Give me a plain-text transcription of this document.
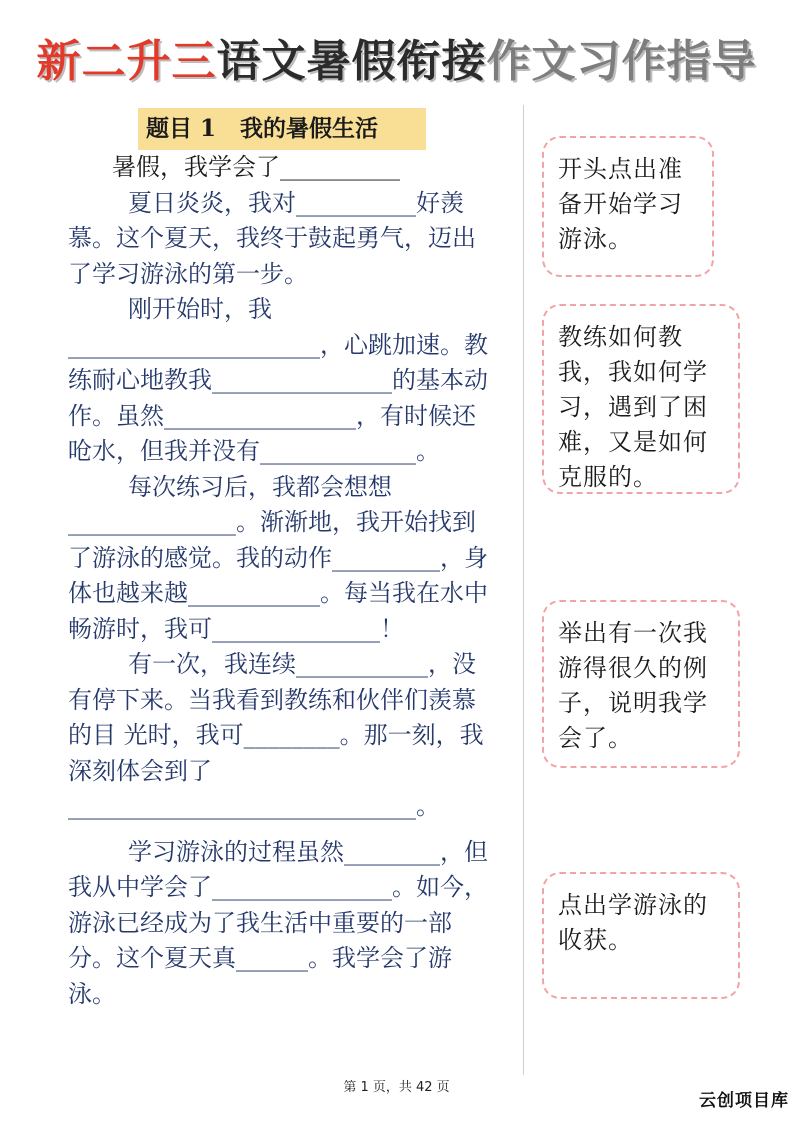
新二升三语文暑假衔接作文习作指导
题目 1   我的暑假生活

暑假，我学会了__________

夏日炎炎，我对__________好羡慕。这个夏天，我终于鼓起勇气，迈出了学习游泳的第一步。

刚开始时，我_____________________，心跳加速。教练耐心地教我_______________的基本动作。虽然________________，有时候还呛水，但我并没有_____________。

每次练习后，我都会想想______________。渐渐地，我开始找到了游泳的感觉。我的动作_________，身体也越来越___________。每当我在水中畅游时，我可______________！

有一次，我连续___________，没有停下来。当我看到教练和伙伴们羡慕的目 光时，我可________。那一刻，我深刻体会到了_____________________________。

学习游泳的过程虽然________，但我从中学会了_______________。如今，游泳已经成为了我生活中重要的一部分。这个夏天真______。我学会了游泳。

开头点出准备开始学习游泳。
教练如何教我，我如何学习，遇到了困难，又是如何克服的。
举出有一次我游得很久的例子，说明我学会了。
点出学游泳的收获。
第 1 页，共 42 页
云创项目库
